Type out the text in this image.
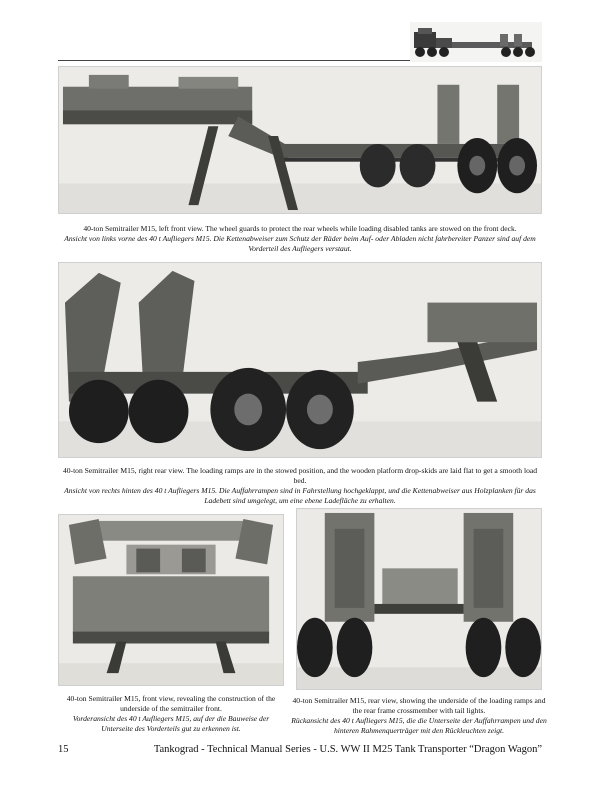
40-ton Semitrailer M15, left front view. The wheel guards to protect the rear wheels while loading disabled tanks are stowed on the front deck.
Ansicht von links vorne des 40 t Aufliegers M15. Die Kettenabweiser zum Schutz der Räder beim Auf- oder Abladen nicht fahrbereiter Panzer sind auf dem Vorderteil des Aufliegers verstaut.
40-ton Semitrailer M15, right rear view. The loading ramps are in the stowed position, and the wooden platform drop-skids are laid flat to get a smooth load bed.
Ansicht von rechts hinten des 40 t Aufliegers M15. Die Auffahrrampen sind in Fahrstellung hochgeklappt, und die Kettenabweiser aus Holzplanken für das Ladebett sind umgelegt, um eine ebene Ladefläche zu erhalten.
40-ton Semitrailer M15, front view, revealing the construction of the underside of the semitrailer front.
Vorderansicht des 40 t Aufliegers M15, auf der die Bauweise der Unterseite des Vorderteils gut zu erkennen ist.
40-ton Semitrailer M15, rear view, showing the underside of the loading ramps and the rear frame crossmember with tail lights.
Rückansicht des 40 t Aufliegers M15, die die Unterseite der Auffahrrampen und den hinteren Rahmenquerträger mit den Rückleuchten zeigt.
15	Tankograd - Technical Manual Series - U.S. WW II M25 Tank Transporter “Dragon Wagon”
